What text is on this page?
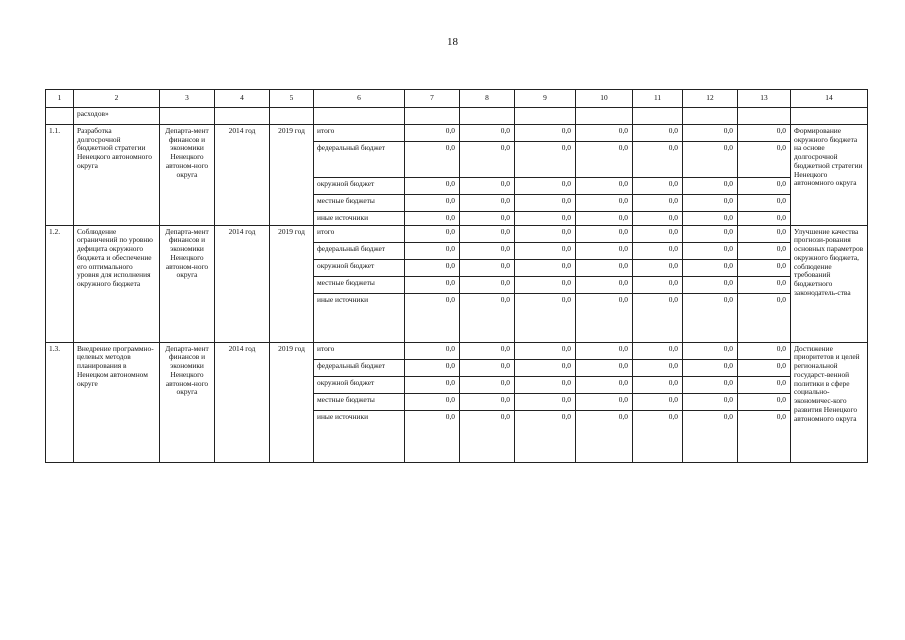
18
1	2	3	4	5	6	7	8	9	10	11	12	13	14
	расходов»												
1.1.	Разработка долгосрочной бюджетной стратегии Ненецкого автономного округа	Департа-мент финансов и экономики Ненецкого автоном-ного округа	2014 год	2019 год	итого	0,0	0,0	0,0	0,0	0,0	0,0	0,0	Формирование окружного бюджета на основе долгосрочной бюджетной стратегии Ненецкого автономного округа
					федеральный бюджет	0,0	0,0	0,0	0,0	0,0	0,0	0,0	
					окружной бюджет	0,0	0,0	0,0	0,0	0,0	0,0	0,0	
					местные бюджеты	0,0	0,0	0,0	0,0	0,0	0,0	0,0	
					иные источники	0,0	0,0	0,0	0,0	0,0	0,0	0,0	
1.2.	Соблюдение ограничений по уровню дефицита окружного бюджета и обеспечение его оптимального уровня для исполнения окружного бюджета	Департа-мент финансов и экономики Ненецкого автоном-ного округа	2014 год	2019 год	итого	0,0	0,0	0,0	0,0	0,0	0,0	0,0	Улучшение качества прогнози-рования основных параметров окружного бюджета, соблюдение требований бюджетного законодатель-ства
					федеральный бюджет	0,0	0,0	0,0	0,0	0,0	0,0	0,0	
					окружной бюджет	0,0	0,0	0,0	0,0	0,0	0,0	0,0	
					местные бюджеты	0,0	0,0	0,0	0,0	0,0	0,0	0,0	
					иные источники	0,0	0,0	0,0	0,0	0,0	0,0	0,0	
1.3.	Внедрение программно-целевых методов планирования в Ненецком автономном округе	Департа-мент финансов и экономики Ненецкого автоном-ного округа	2014 год	2019 год	итого	0,0	0,0	0,0	0,0	0,0	0,0	0,0	Достижение приоритетов и целей региональной государст-венной политики в сфере социально-экономичес-кого развития Ненецкого автономного округа
					федеральный бюджет	0,0	0,0	0,0	0,0	0,0	0,0	0,0	
					окружной бюджет	0,0	0,0	0,0	0,0	0,0	0,0	0,0	
					местные бюджеты	0,0	0,0	0,0	0,0	0,0	0,0	0,0	
					иные источники	0,0	0,0	0,0	0,0	0,0	0,0	0,0	
